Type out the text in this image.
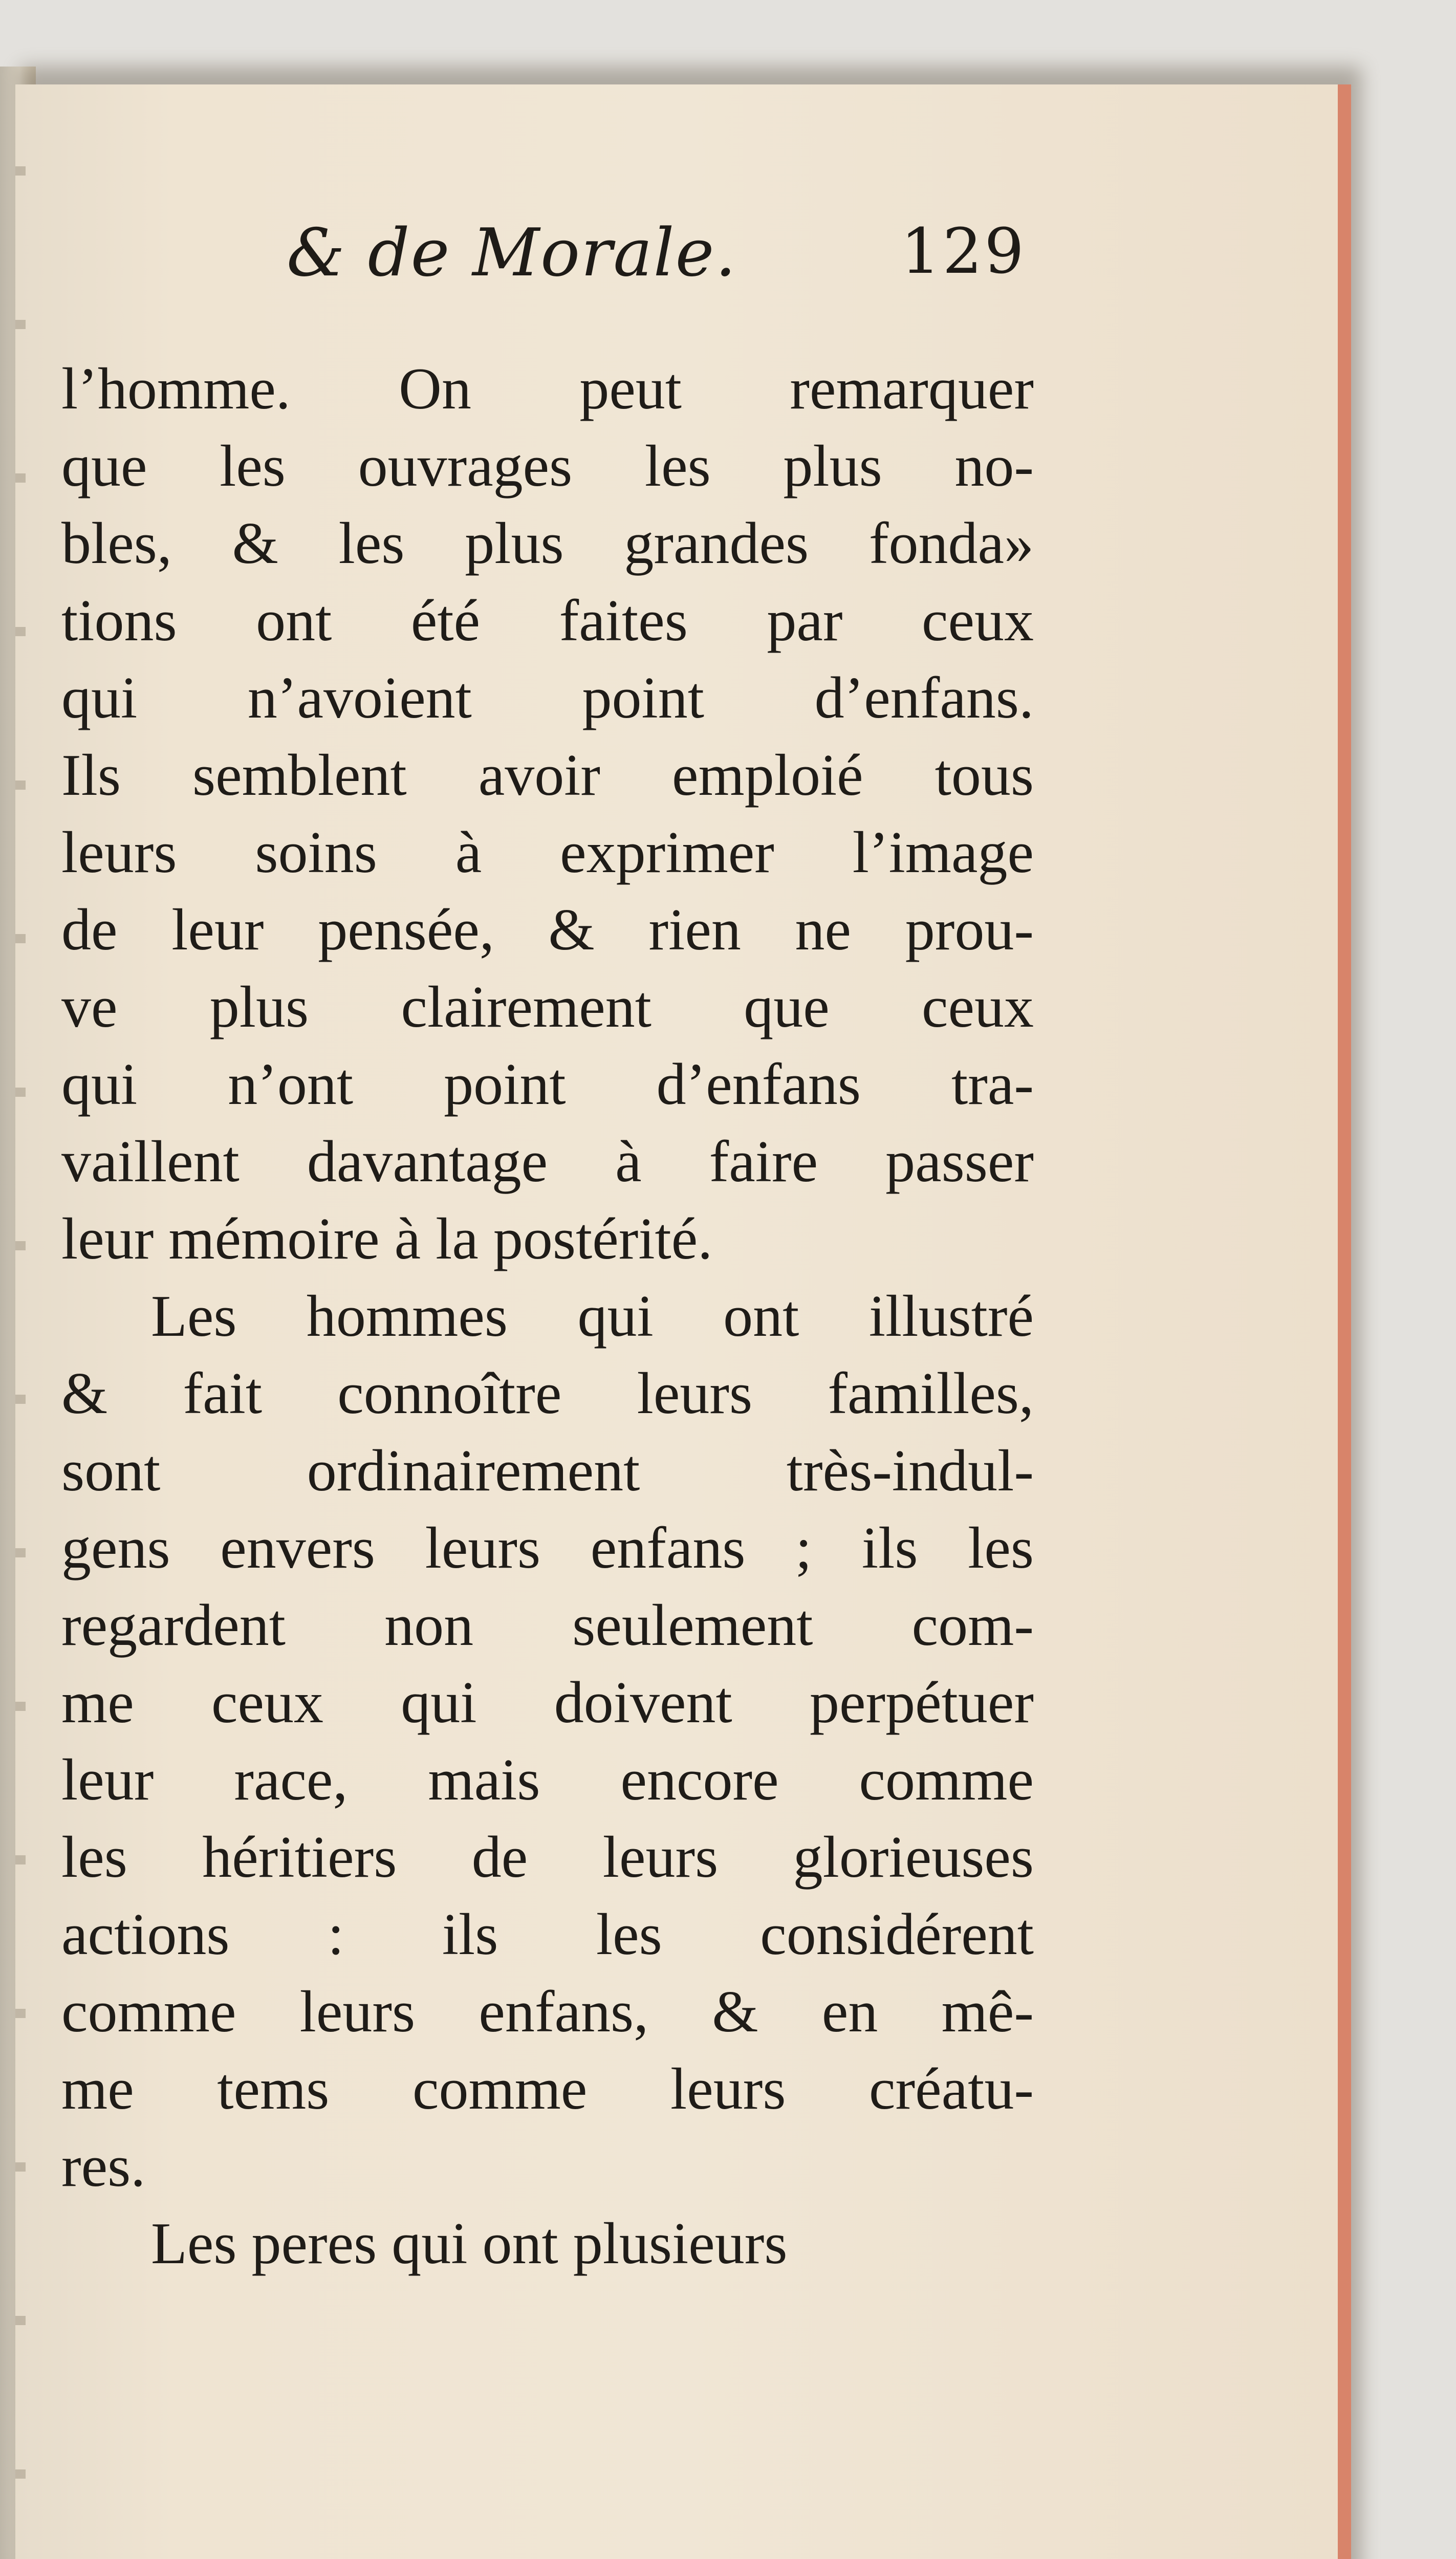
& de Morale.	129
l’homme. On peut remarquer
que les ouvrages les plus no-
bles, & les plus grandes fonda»
tions ont été faites par ceux
qui n’avoient point d’enfans.
Ils semblent avoir emploié tous
leurs soins à exprimer l’image
de leur pensée, & rien ne prou-
ve plus clairement que ceux
qui n’ont point d’enfans tra-
vaillent davantage à faire passer
leur mémoire à la postérité.
Les hommes qui ont illustré
& fait connoître leurs familles,
sont ordinairement très-indul-
gens envers leurs enfans ; ils les
regardent non seulement com-
me ceux qui doivent perpétuer
leur race, mais encore comme
les héritiers de leurs glorieuses
actions : ils les considérent
comme leurs enfans, & en mê-
me tems comme leurs créatu-
res.
Les peres qui ont plusieurs
